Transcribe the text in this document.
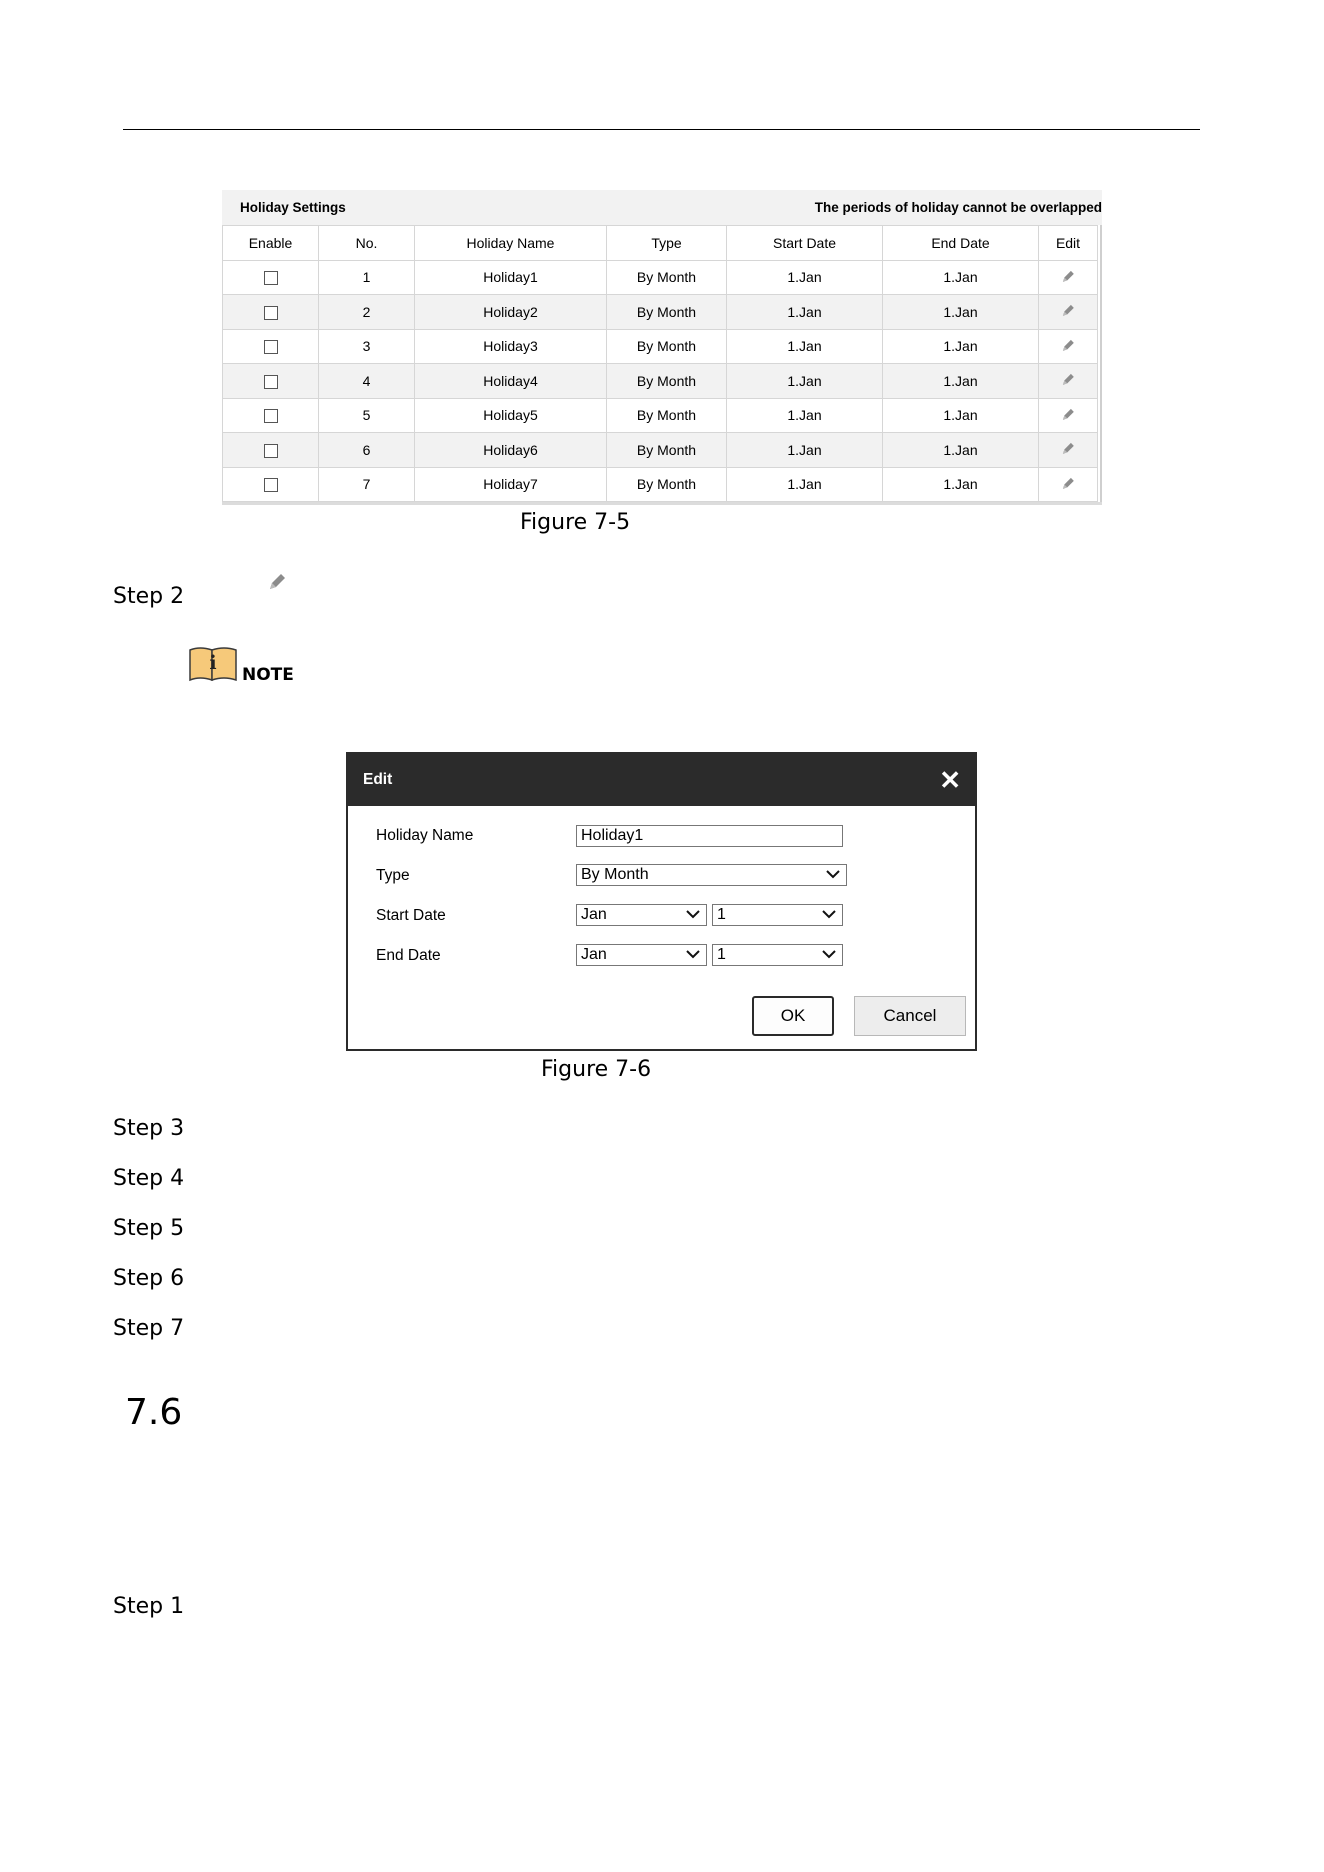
Holiday Settings	The periods of holiday cannot be overlapped
Enable	No.	Holiday Name	Type	Start Date	End Date	Edit
	1	Holiday1	By Month	1.Jan	1.Jan	
	2	Holiday2	By Month	1.Jan	1.Jan	
	3	Holiday3	By Month	1.Jan	1.Jan	
	4	Holiday4	By Month	1.Jan	1.Jan	
	5	Holiday5	By Month	1.Jan	1.Jan	
	6	Holiday6	By Month	1.Jan	1.Jan	
	7	Holiday7	By Month	1.Jan	1.Jan	
Figure 7-5
Step 2
i
NOTE
Edit	✕
Holiday Name	Holiday1
Type	By Month
Start Date	Jan	1
End Date	Jan	1
OK	Cancel
Figure 7-6
Step 3
Step 4
Step 5
Step 6
Step 7
7.6
Step 1
